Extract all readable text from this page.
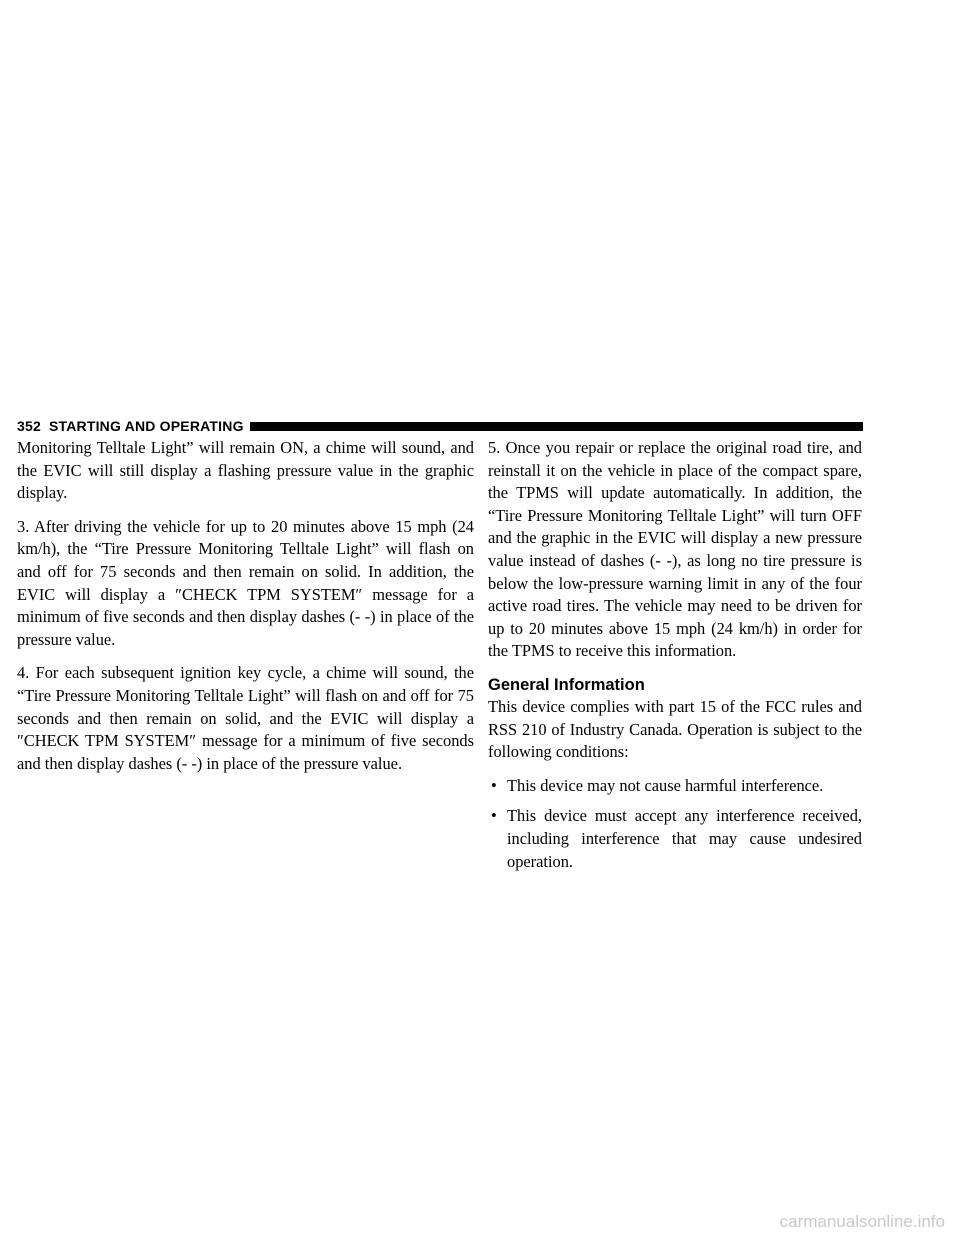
352 STARTING AND OPERATING

Monitoring Telltale Light” will remain ON, a chime will sound, and the EVIC will still display a flashing pressure value in the graphic display.

3. After driving the vehicle for up to 20 minutes above 15 mph (24 km/h), the “Tire Pressure Monitoring Telltale Light” will flash on and off for 75 seconds and then remain on solid. In addition, the EVIC will display a ″CHECK TPM SYSTEM″ message for a minimum of five seconds and then display dashes (- -) in place of the pressure value.

4. For each subsequent ignition key cycle, a chime will sound, the “Tire Pressure Monitoring Telltale Light” will flash on and off for 75 seconds and then remain on solid, and the EVIC will display a ″CHECK TPM SYSTEM″ message for a minimum of five seconds and then display dashes (- -) in place of the pressure value.

5. Once you repair or replace the original road tire, and reinstall it on the vehicle in place of the compact spare, the TPMS will update automatically. In addition, the “Tire Pressure Monitoring Telltale Light” will turn OFF and the graphic in the EVIC will display a new pressure value instead of dashes (- -), as long no tire pressure is below the low-pressure warning limit in any of the four active road tires. The vehicle may need to be driven for up to 20 minutes above 15 mph (24 km/h) in order for the TPMS to receive this information.

General Information

This device complies with part 15 of the FCC rules and RSS 210 of Industry Canada. Operation is subject to the following conditions:

• This device may not cause harmful interference.
• This device must accept any interference received, including interference that may cause undesired operation.
carmanualsonline.info
